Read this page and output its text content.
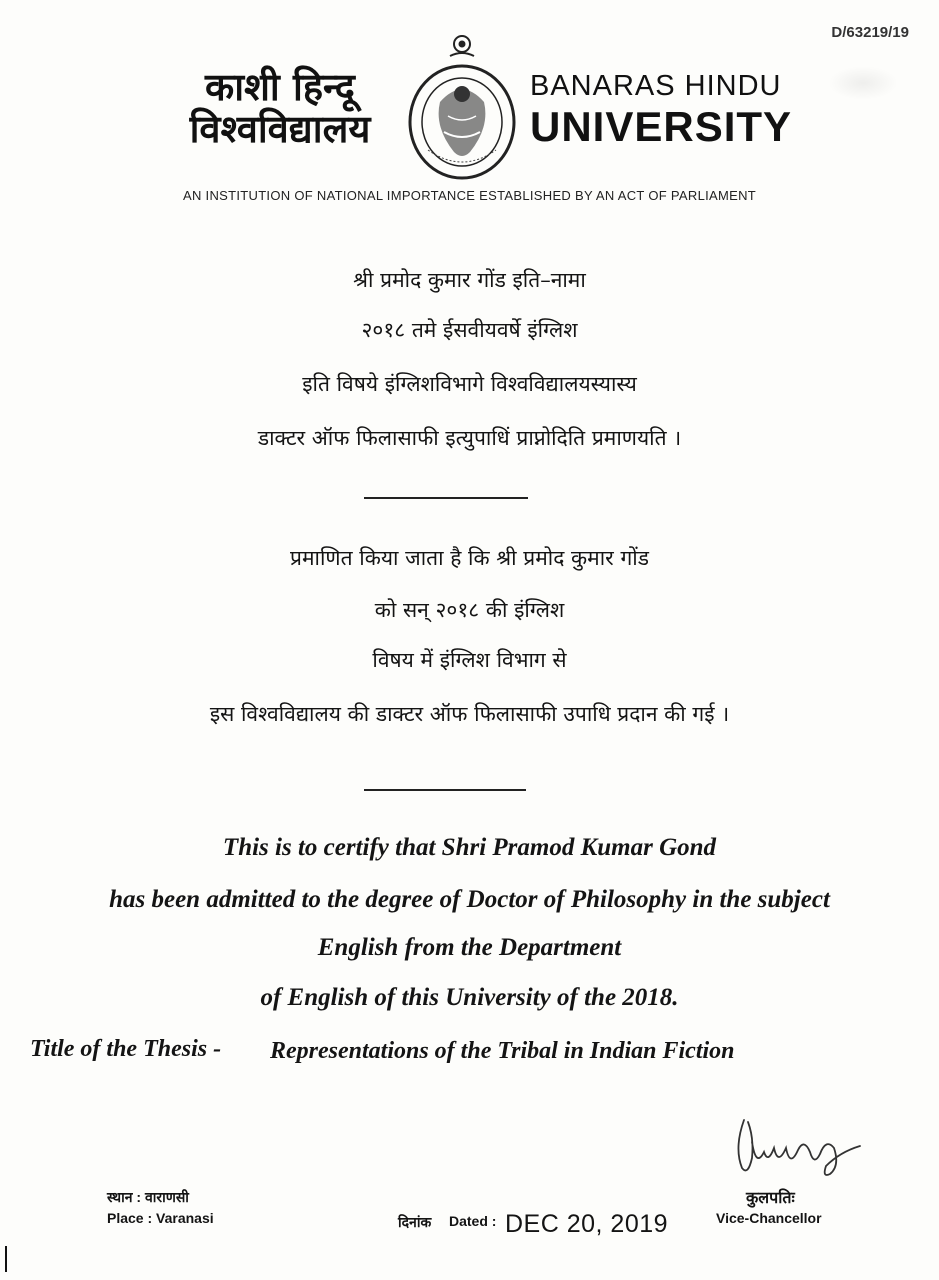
D/63219/19
काशी हिन्दू
विश्वविद्यालय
BANARAS HINDU
UNIVERSITY
AN INSTITUTION OF NATIONAL IMPORTANCE ESTABLISHED BY AN ACT OF PARLIAMENT
श्री प्रमोद कुमार गोंड इति–नामा
२०१८ तमे ईसवीयवर्षे इंग्लिश
इति विषये इंग्लिशविभागे विश्वविद्यालयस्यास्य
डाक्टर ऑफ फिलासाफी इत्युपाधिं प्राप्नोदिति प्रमाणयति ।
प्रमाणित किया जाता है कि श्री प्रमोद कुमार गोंड
को सन् २०१८ की इंग्लिश
विषय में इंग्लिश विभाग से
इस विश्वविद्यालय की डाक्टर ऑफ फिलासाफी उपाधि प्रदान की गई ।
This is to certify that Shri Pramod Kumar Gond
has been admitted to the degree of Doctor of Philosophy in the subject
English from the Department
of English of this University of the 2018.
Title of the Thesis - Representations of the Tribal in Indian Fiction
स्थान : वाराणसी
Place : Varanasi	दिनांक Dated : DEC 20, 2019
कुलपतिः
Vice-Chancellor
